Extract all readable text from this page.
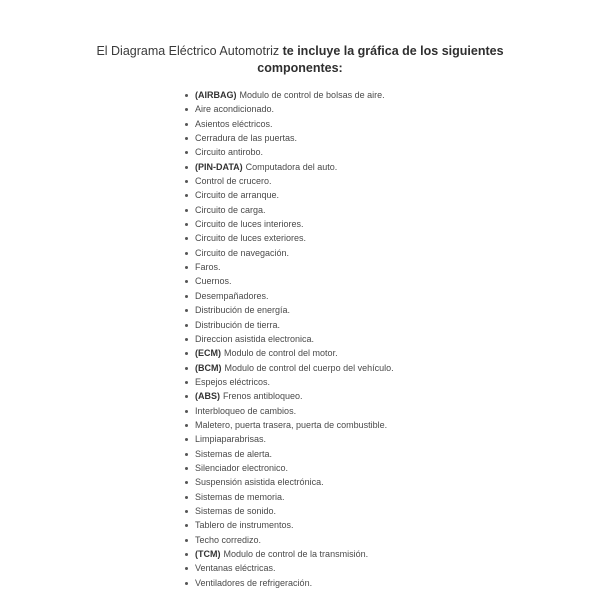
El Diagrama Eléctrico Automotriz te incluye la gráfica de los siguientes
componentes:
(AIRBAG) Modulo de control de bolsas de aire.
Aire acondicionado.
Asientos eléctricos.
Cerradura de las puertas.
Circuito antirobo.
(PIN-DATA) Computadora del auto.
Control de crucero.
Circuito de arranque.
Circuito de carga.
Circuito de luces interiores.
Circuito de luces exteriores.
Circuito de navegación.
Faros.
Cuernos.
Desempañadores.
Distribución de energía.
Distribución de tierra.
Direccion asistida electronica.
(ECM) Modulo de control del motor.
(BCM) Modulo de control del cuerpo del vehículo.
Espejos eléctricos.
(ABS) Frenos antibloqueo.
Interbloqueo de cambios.
Maletero, puerta trasera, puerta de combustible.
Limpiaparabrisas.
Sistemas de alerta.
Silenciador electronico.
Suspensión asistida electrónica.
Sistemas de memoria.
Sistemas de sonido.
Tablero de instrumentos.
Techo corredizo.
(TCM) Modulo de control de la transmisión.
Ventanas eléctricas.
Ventiladores de refrigeración.
